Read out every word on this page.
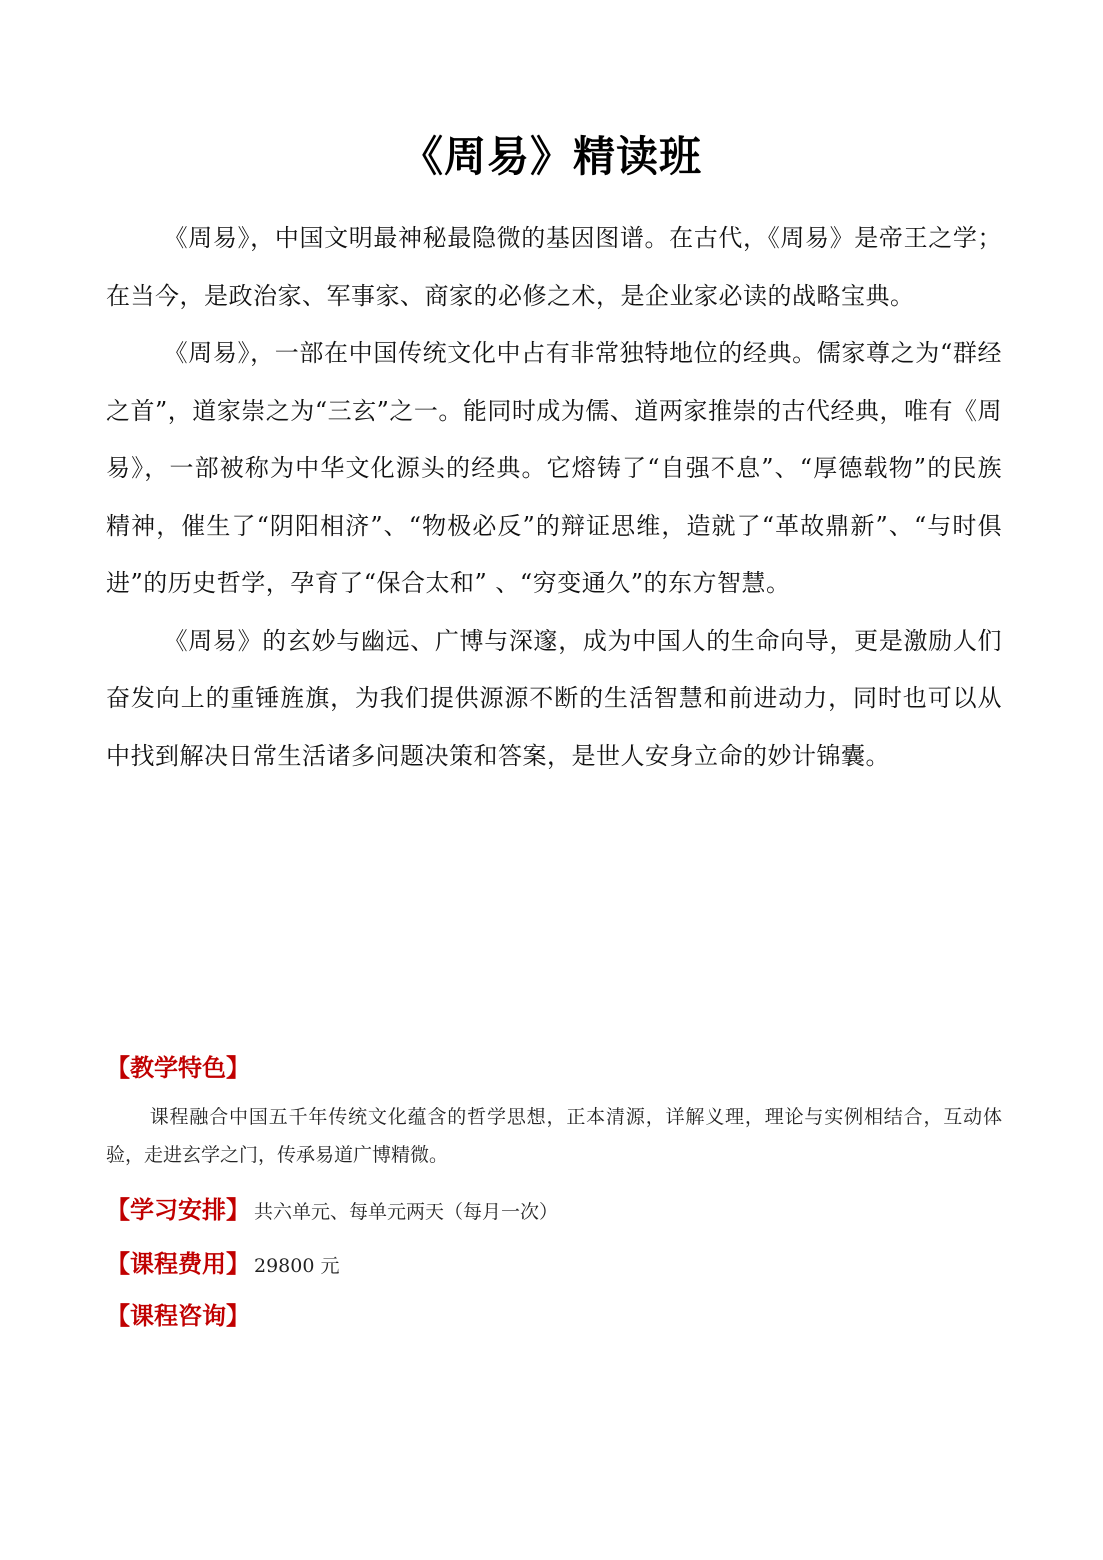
《周易》精读班

《周易》，中国文明最神秘最隐微的基因图谱。在古代，《周易》是帝王之学；在当今，是政治家、军事家、商家的必修之术，是企业家必读的战略宝典。

《周易》，一部在中国传统文化中占有非常独特地位的经典。儒家尊之为“群经之首”，道家崇之为“三玄”之一。能同时成为儒、道两家推崇的古代经典，唯有《周易》，一部被称为中华文化源头的经典。它熔铸了“自强不息”、“厚德载物”的民族精神，催生了“阴阳相济”、“物极必反”的辩证思维，造就了“革故鼎新”、“与时俱进”的历史哲学，孕育了“保合太和” 、“穷变通久”的东方智慧。

《周易》的玄妙与幽远、广博与深邃，成为中国人的生命向导，更是激励人们奋发向上的重锤旌旗，为我们提供源源不断的生活智慧和前进动力，同时也可以从中找到解决日常生活诸多问题决策和答案，是世人安身立命的妙计锦囊。

【教学特色】

课程融合中国五千年传统文化蕴含的哲学思想，正本清源，详解义理，理论与实例相结合，互动体验，走进玄学之门，传承易道广博精微。

【学习安排】 共六单元、每单元两天（每月一次）
【课程费用】 29800 元
【课程咨询】
